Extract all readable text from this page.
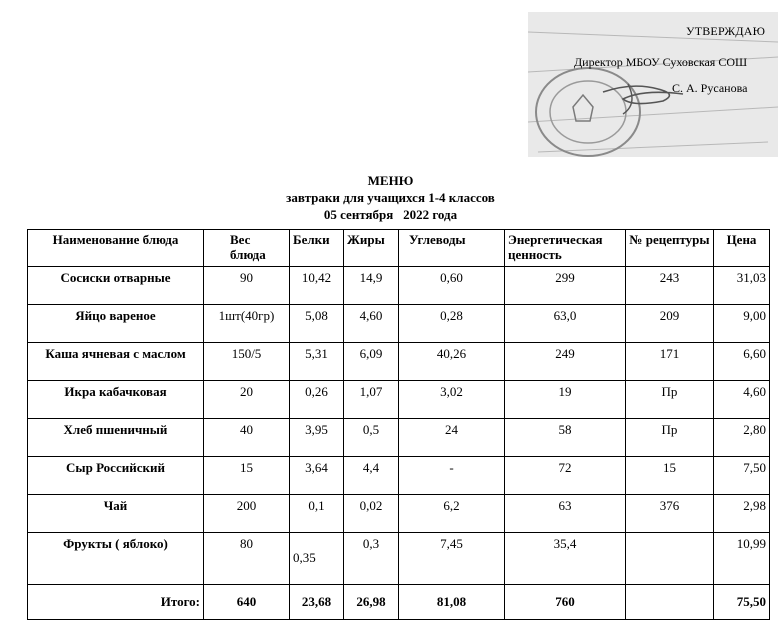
УТВЕРЖДАЮ
Директор МБОУ Суховская СОШ
С. А. Русанова
МЕНЮ
завтраки для учащихся 1-4 классов
05 сентября   2022 года
Наименование блюда	Вес блюда	Белки	Жиры	Углеводы	Энергетическая ценность	№ рецептуры	Цена
Сосиски отварные	90	10,42	14,9	0,60	299	243	31,03
Яйцо вареное	1шт(40гр)	5,08	4,60	0,28	63,0	209	9,00
Каша ячневая с маслом	150/5	5,31	6,09	40,26	249	171	6,60
Икра кабачковая	20	0,26	1,07	3,02	19	Пр	4,60
Хлеб пшеничный	40	3,95	0,5	24	58	Пр	2,80
Сыр Российский	15	3,64	4,4	-	72	15	7,50
Чай	200	0,1	0,02	6,2	63	376	2,98
Фрукты ( яблоко)	80	0,35	0,3	7,45	35,4		10,99
Итого:	640	23,68	26,98	81,08	760		75,50
